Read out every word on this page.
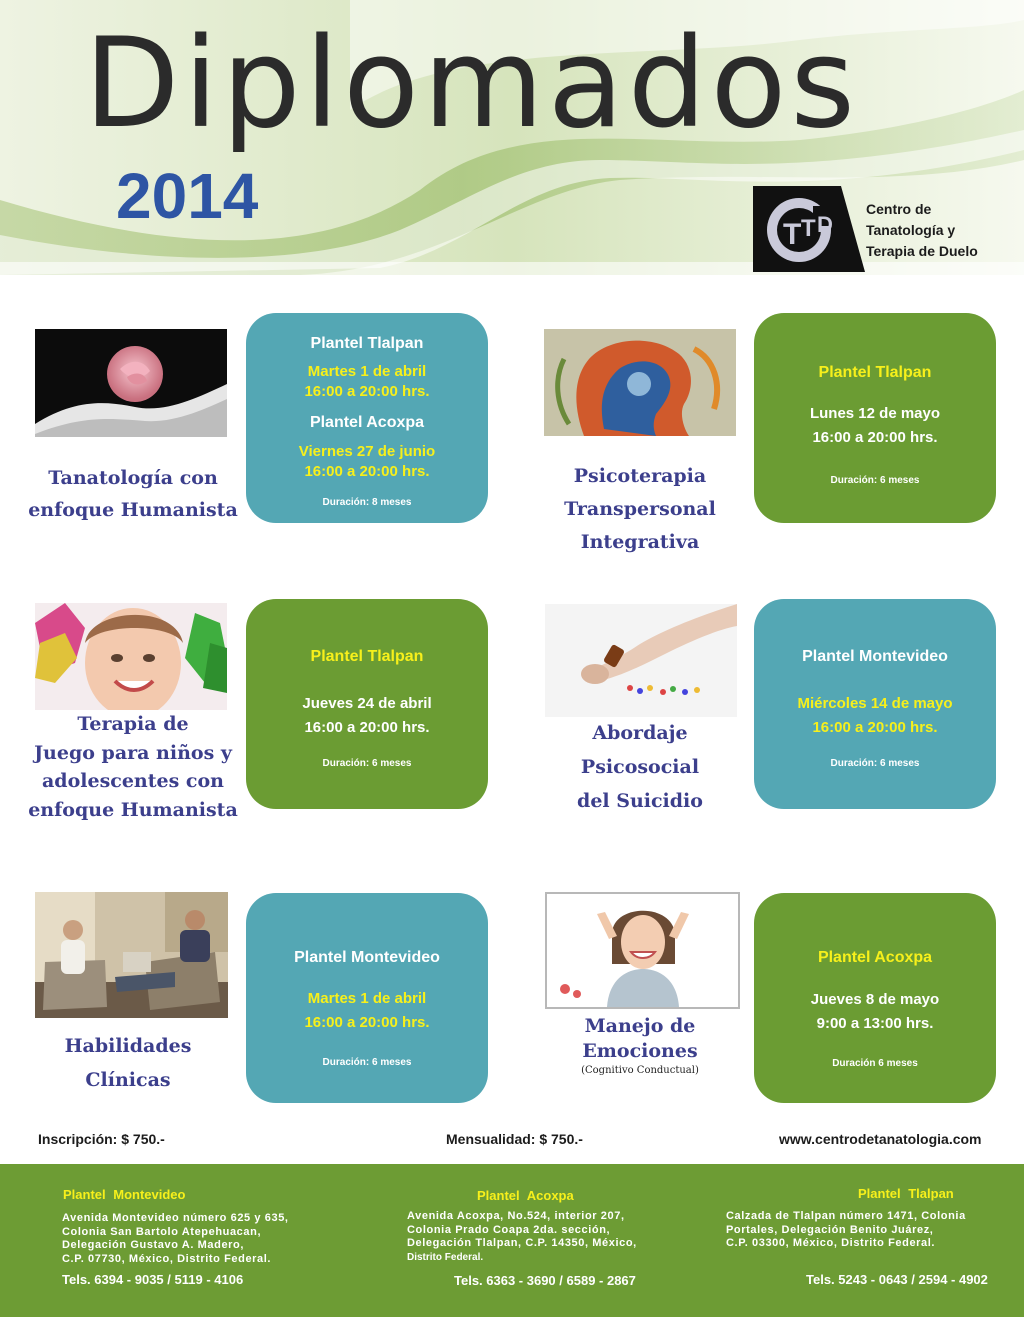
Diplomados
2014
T T D
Centro de
Tanatología y
Terapia de Duelo
Tanatología con
enfoque Humanista
Plantel Tlalpan
Martes 1 de abril
16:00 a 20:00 hrs.
Plantel Acoxpa
Viernes 27 de junio
16:00 a 20:00 hrs.
Duración: 8 meses
Psicoterapia
Transpersonal
Integrativa
Plantel Tlalpan
Lunes 12 de mayo
16:00 a 20:00 hrs.
Duración: 6 meses
Terapia de
Juego para niños y
adolescentes con
enfoque Humanista
Plantel Tlalpan
Jueves 24 de abril
16:00 a 20:00 hrs.
Duración: 6 meses
Abordaje
Psicosocial
del Suicidio
Plantel Montevideo
Miércoles 14 de mayo
16:00 a 20:00 hrs.
Duración: 6 meses
Habilidades
Clínicas
Plantel Montevideo
Martes 1 de abril
16:00 a 20:00 hrs.
Duración: 6 meses
Manejo de
Emociones
(Cognitivo Conductual)
Plantel Acoxpa
Jueves 8 de mayo
9:00 a 13:00 hrs.
Duración 6 meses
Inscripción: $ 750.-	Mensualidad: $ 750.-	www.centrodetanatologia.com
Plantel Montevideo
Avenida Montevideo número 625 y 635,
Colonia San Bartolo Atepehuacan,
Delegación Gustavo A. Madero,
C.P. 07730, México, Distrito Federal.
Tels. 6394 - 9035 / 5119 - 4106
Plantel Acoxpa
Avenida Acoxpa, No.524, interior 207,
Colonia Prado Coapa 2da. sección,
Delegación Tlalpan, C.P. 14350, México,
Distrito Federal.
Tels. 6363 - 3690 / 6589 - 2867
Plantel Tlalpan
Calzada de Tlalpan número 1471, Colonia
Portales, Delegación Benito Juárez,
C.P. 03300, México, Distrito Federal.
Tels. 5243 - 0643 / 2594 - 4902
